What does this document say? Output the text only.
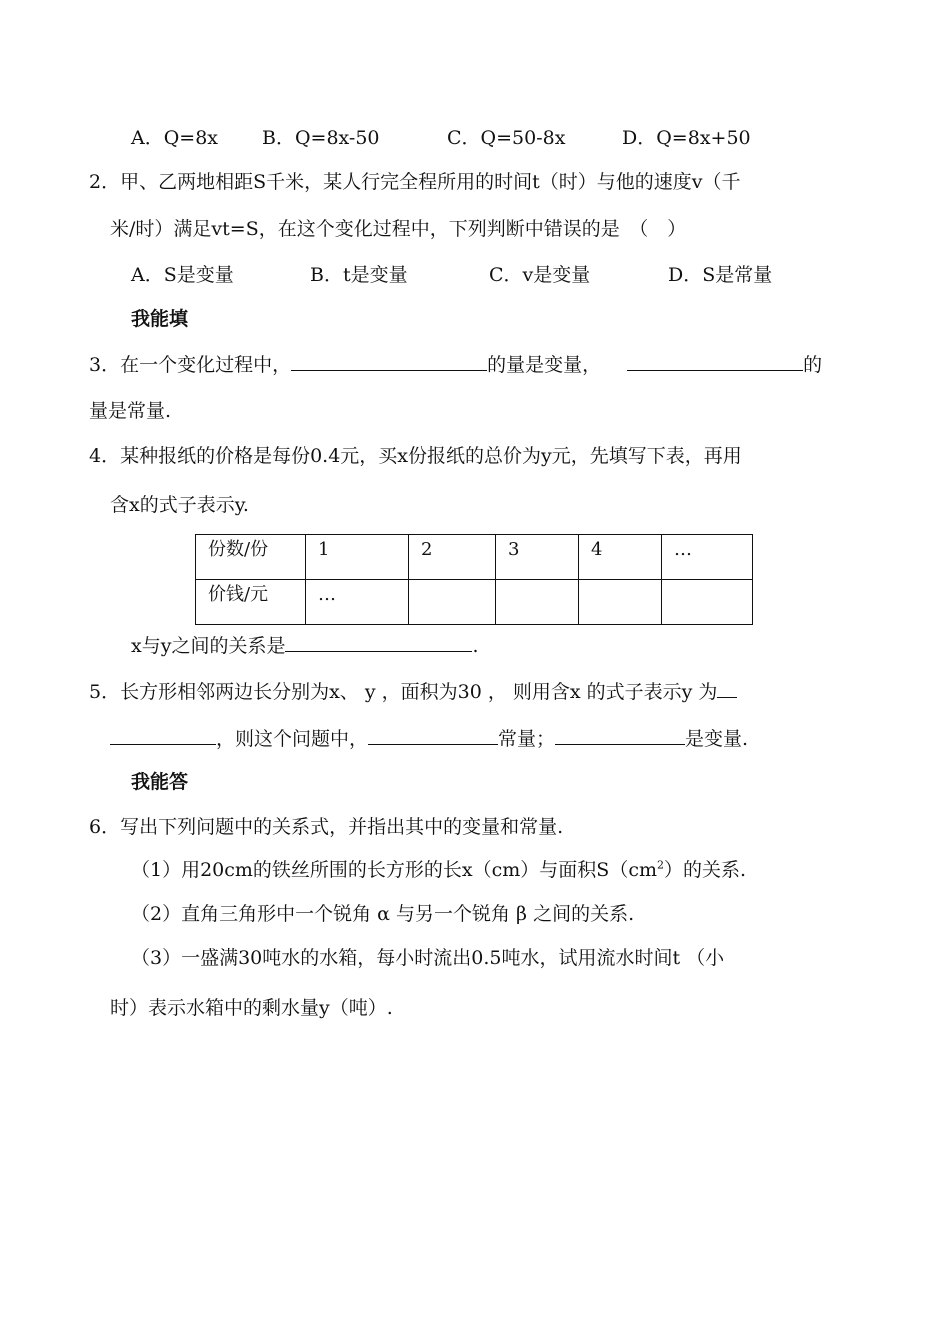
A．Q=8x B．Q=8x-50	C．Q=50-8x	D．Q=8x+50
2．甲、乙两地相距S千米，某人行完全程所用的时间t（时）与他的速度v（千
米/时）满足vt=S，在这个变化过程中，下列判断中错误的是　（　）
A．S是变量	B．t是变量	C．v是变量	D．S是常量
我能填
3．在一个变化过程中，	的量是变量，	的
量是常量.
4．某种报纸的价格是每份0.4元，买x份报纸的总价为y元，先填写下表，再用
含x的式子表示y.
份数/份	1	2	3	4	…
价钱/元	…				
x与y之间的关系是	.
5．长方形相邻两边长分别为x、 y ，面积为30 ， 则用含x 的式子表示y 为
，则这个问题中，	常量；	是变量.
我能答
6．写出下列问题中的关系式，并指出其中的变量和常量.
（1）用20cm的铁丝所围的长方形的长x（cm）与面积$S(cm^2)$的关系.
（2）直角三角形中一个锐角 α 与另一个锐角 β 之间的关系.
（3）一盛满30吨水的水箱，每小时流出0.5吨水，试用流水时间t （小
时）表示水箱中的剩水量y（吨）.
